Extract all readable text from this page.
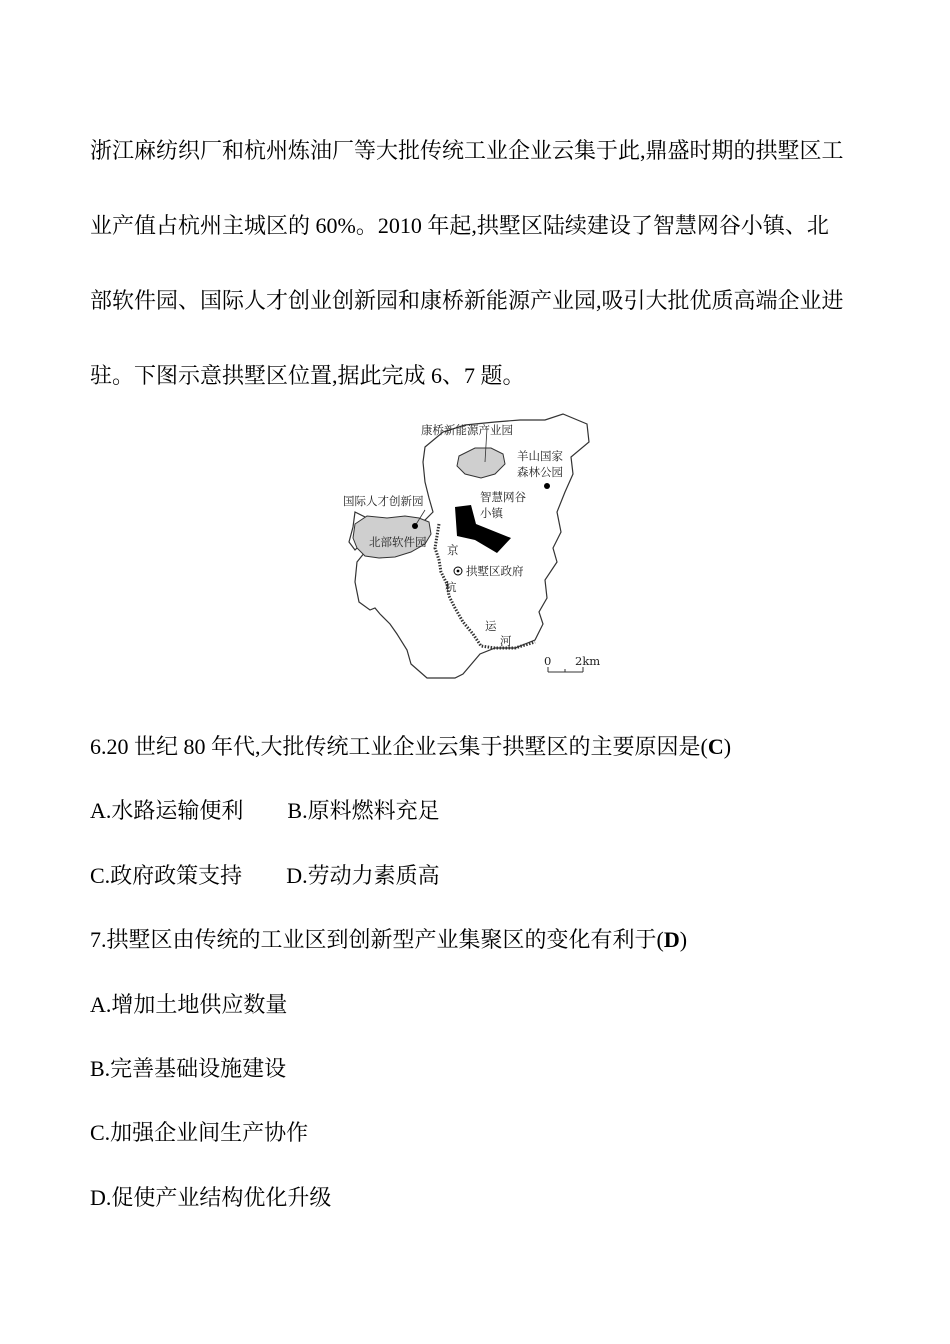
浙江麻纺织厂和杭州炼油厂等大批传统工业企业云集于此,鼎盛时期的拱墅区工

业产值占杭州主城区的 60%。2010 年起,拱墅区陆续建设了智慧网谷小镇、北

部软件园、国际人才创业创新园和康桥新能源产业园,吸引大批优质高端企业进

驻。下图示意拱墅区位置,据此完成 6、7 题。

0 2km
康桥新能源产业园
羊山国家
森林公园
国际人才创新园	智慧网谷
小镇
北部软件园
京
杭
运
河
拱墅区政府

6.20 世纪 80 年代,大批传统工业企业云集于拱墅区的主要原因是(C)

A.水路运输便利 B.原料燃料充足

C.政府政策支持 D.劳动力素质高

7.拱墅区由传统的工业区到创新型产业集聚区的变化有利于(D)

A.增加土地供应数量

B.完善基础设施建设

C.加强企业间生产协作

D.促使产业结构优化升级
